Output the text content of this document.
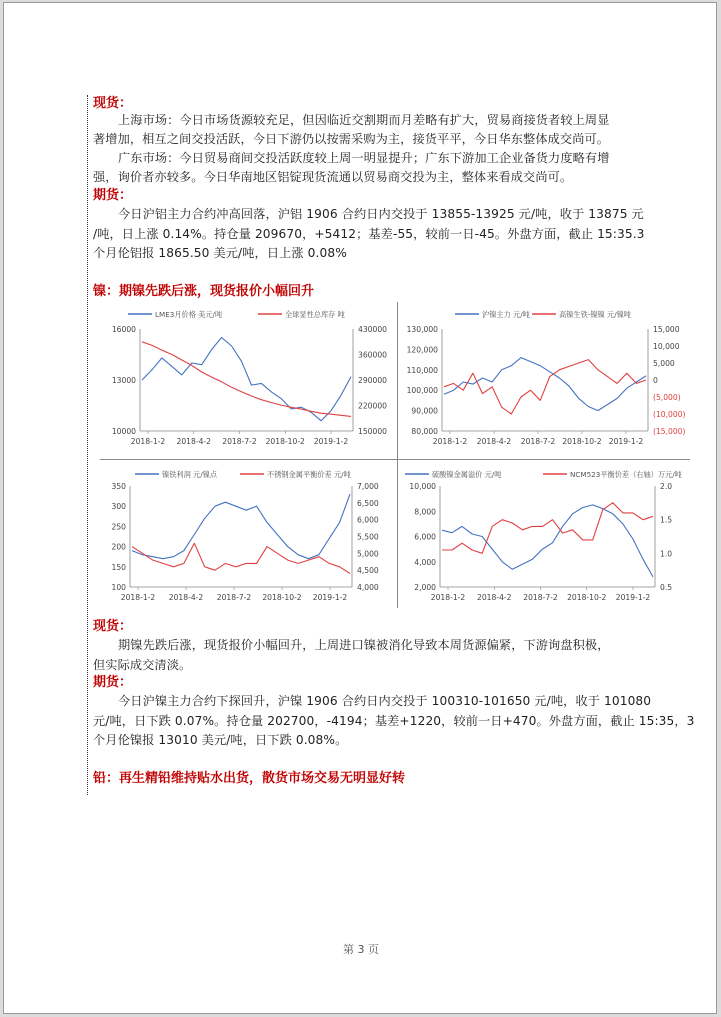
现货：
上海市场：今日市场货源较充足，但因临近交割期而月差略有扩大，贸易商接货者较上周显
著增加，相互之间交投活跃，今日下游仍以按需采购为主，接货平平，今日华东整体成交尚可。
广东市场：今日贸易商间交投活跃度较上周一明显提升；广东下游加工企业备货力度略有增
强，询价者亦较多。今日华南地区铝锭现货流通以贸易商交投为主，整体来看成交尚可。
期货：
今日沪铝主力合约冲高回落，沪铝 1906 合约日内交投于 13855-13925 元/吨，收于 13875 元
/吨，日上涨 0.14%。持仓量 209670，+5412；基差-55，较前一日-45。外盘方面，截止 15:35.3
个月伦铝报 1865.50 美元/吨，日上涨 0.08%
镍：期镍先跌后涨，现货报价小幅回升
LME3月价格 美元/吨	全球显性总库存 吨
16000
13000
10000
430000
360000
290000
220000
150000
2018-1-2 2018-4-2 2018-7-2 2018-10-2 2019-1-2
沪镍主力 元/吨	高镍生铁-镍镍 元/镍吨
130,000
120,000
110,000
100,000
90,000
80,000
15,000
10,000
5,000
0
(5,000)
(10,000)
(15,000)
2018-1-2 2018-4-2 2018-7-2 2018-10-2 2019-1-2
镍铁利润 元/镍点	不锈钢金属平衡价差 元/吨
350
300
250
200
150
100
7,000
6,500
6,000
5,500
5,000
4,500
4,000
2018-1-2 2018-4-2 2018-7-2 2018-10-2 2019-1-2
硫酸镍金属溢价 元/吨	NCM523平衡价差（右轴）万元/吨
10,000
8,000
6,000
4,000
2,000
2.0
1.5
1.0
0.5
2018-1-2 2018-4-2 2018-7-2 2018-10-2 2019-1-2
现货：
期镍先跌后涨，现货报价小幅回升，上周进口镍被消化导致本周货源偏紧，下游询盘积极，
但实际成交清淡。
期货：
今日沪镍主力合约下探回升，沪镍 1906 合约日内交投于 100310-101650 元/吨，收于 101080
元/吨，日下跌 0.07%。持仓量 202700，-4194；基差+1220，较前一日+470。外盘方面，截止 15:35，3
个月伦镍报 13010 美元/吨，日下跌 0.08%。
铅：再生精铅维持贴水出货，散货市场交易无明显好转
第 3 页
